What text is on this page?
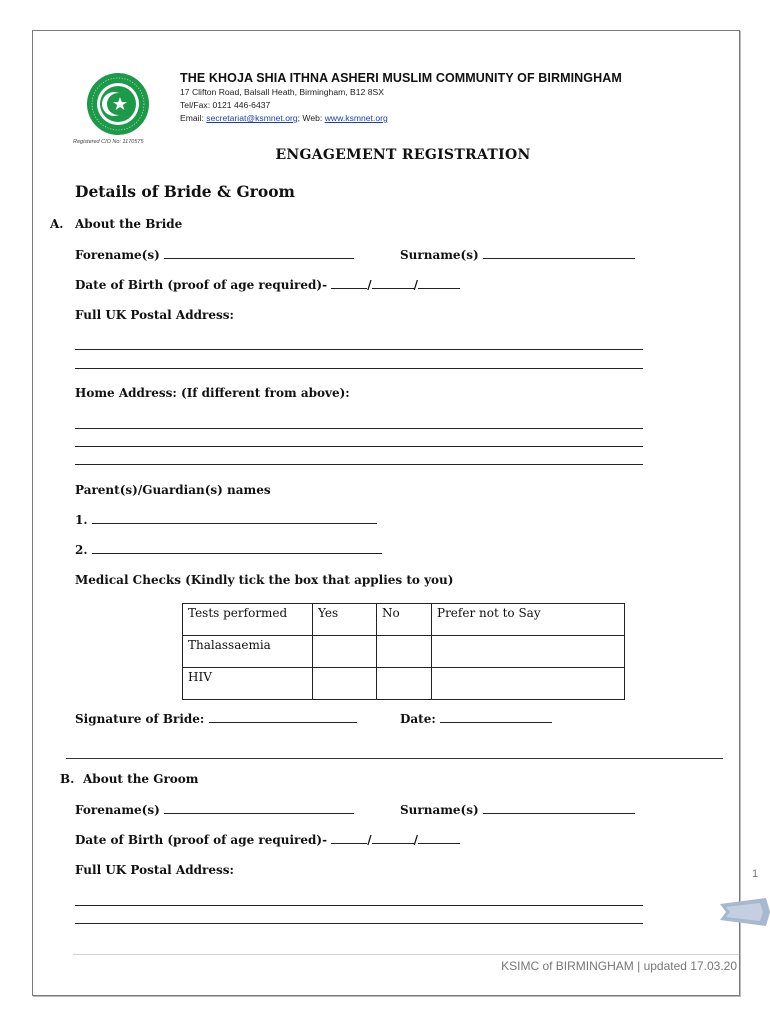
Registered CIO No: 1170575
THE KHOJA SHIA ITHNA ASHERI MUSLIM COMMUNITY OF BIRMINGHAM
17 Clifton Road, Balsall Heath, Birmingham, B12 8SX
Tel/Fax: 0121 446-6437
Email: secretariat@ksmnet.org; Web: www.ksmnet.org
ENGAGEMENT REGISTRATION
Details of Bride & Groom
A. About the Bride
Forename(s)	Surname(s)
Date of Birth (proof of age required)-	/	/
Full UK Postal Address:
Home Address: (If different from above):
Parent(s)/Guardian(s) names
1.
2.
Medical Checks (Kindly tick the box that applies to you)
Tests performed	Yes	No	Prefer not to Say
Thalassaemia			
HIV			
Signature of Bride:	Date:
B. About the Groom
Forename(s)	Surname(s)
Date of Birth (proof of age required)-	/	/
Full UK Postal Address:
KSIMC of BIRMINGHAM | updated 17.03.20
1
